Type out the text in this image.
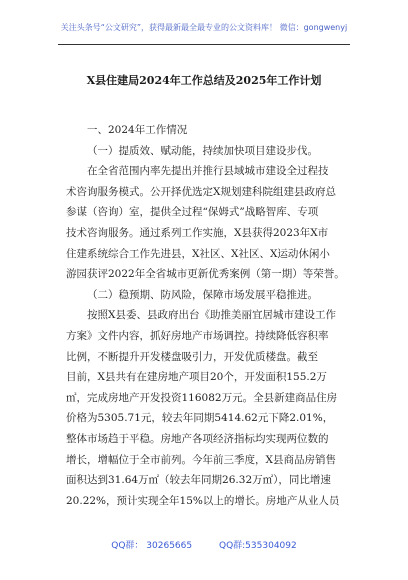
关注头条号“公文研究”，获得最新最全最专业的公文资料库！ 微信：gongwenyj
X县住建局2024年工作总结及2025年工作计划
一、2024年工作情况
（一）提质效、赋动能，持续加快项目建设步伐。
在全省范围内率先提出并推行县域城市建设全过程技
术咨询服务模式。公开择优选定X规划建科院组建县政府总
参谋（咨询）室，提供全过程“保姆式”战略智库、专项
技术咨询服务。通过系列工作实施，X县获得2023年X市
住建系统综合工作先进县，X社区、X社区、X运动休闲小
游园获评2022年全省城市更新优秀案例（第一期）等荣誉。
（二）稳预期、防风险，保障市场发展平稳推进。
按照X县委、县政府出台《助推美丽宜居城市建设工作
方案》文件内容，抓好房地产市场调控。持续降低容积率
比例，不断提升开发楼盘吸引力，开发优质楼盘。截至
目前，X县共有在建房地产项目20个，开发面积155.2万
㎡，完成房地产开发投资116082万元。全县新建商品住房
价格为5305.71元，较去年同期5414.62元下降2.01%，
整体市场趋于平稳。房地产各项经济指标均实现两位数的
增长，增幅位于全市前列。今年前三季度，X县商品房销售
面积达到31.64万㎡（较去年同期26.32万㎡），同比增速
20.22%，预计实现全年15%以上的增长。房地产从业人员
QQ群： 30265665	QQ群:535304092
